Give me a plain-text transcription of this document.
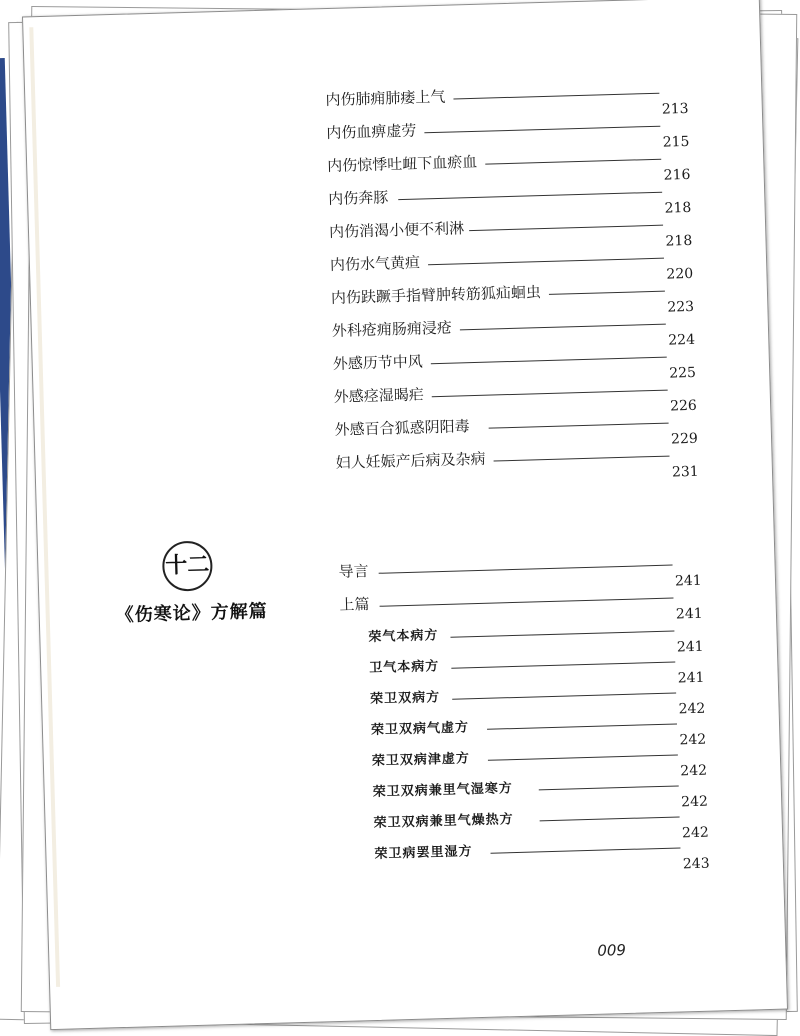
内伤肺痈肺痿上气
213
内伤血痹虚劳
215
内伤惊悸吐衄下血瘀血
216
内伤奔豚
218
内伤消渴小便不利淋
218
内伤水气黄疸
220
内伤趺蹶手指臂肿转筋狐疝蛔虫
223
外科疮痈肠痈浸疮
224
外感历节中风
225
外感痉湿暍疟
226
外感百合狐惑阴阳毒
229
妇人妊娠产后病及杂病
231
十二
《伤寒论》方解篇
导言
241
上篇
241
荣气本病方
241
卫气本病方
241
荣卫双病方
242
荣卫双病气虚方
242
荣卫双病津虚方
242
荣卫双病兼里气湿寒方
242
荣卫双病兼里气燥热方
242
荣卫病罢里湿方
243
009
